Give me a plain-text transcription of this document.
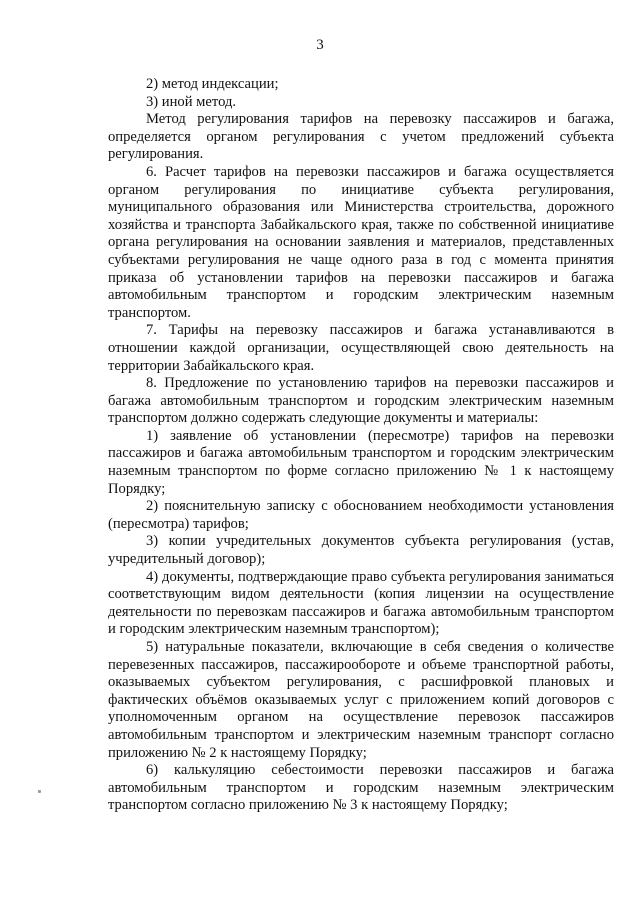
3

2) метод индексации;

3) иной метод.

Метод регулирования тарифов на перевозку пассажиров и багажа, определяется органом регулирования с учетом предложений субъекта регулирования.

6. Расчет тарифов на перевозки пассажиров и багажа осуществляется органом регулирования по инициативе субъекта регулирования, муниципального образования или Министерства строительства, дорожного хозяйства и транспорта Забайкальского края, также по собственной инициативе органа регулирования на основании заявления и материалов, представленных субъектами регулирования не чаще одного раза в год с момента принятия приказа об установлении тарифов на перевозки пассажиров и багажа автомобильным транспортом и городским электрическим наземным транспортом.

7. Тарифы на перевозку пассажиров и багажа устанавливаются в отношении каждой организации, осуществляющей свою деятельность на территории Забайкальского края.

8. Предложение по установлению тарифов на перевозки пассажиров и багажа автомобильным транспортом и городским электрическим наземным транспортом должно содержать следующие документы и материалы:

1) заявление об установлении (пересмотре) тарифов на перевозки пассажиров и багажа автомобильным транспортом и городским электрическим наземным транспортом по форме согласно приложению № 1 к настоящему Порядку;

2) пояснительную записку с обоснованием необходимости установления (пересмотра) тарифов;

3) копии учредительных документов субъекта регулирования (устав, учредительный договор);

4) документы, подтверждающие право субъекта регулирования заниматься соответствующим видом деятельности (копия лицензии на осуществление деятельности по перевозкам пассажиров и багажа автомобильным транспортом и городским электрическим наземным транспортом);

5) натуральные показатели, включающие в себя сведения о количестве перевезенных пассажиров, пассажирообороте и объеме транспортной работы, оказываемых субъектом регулирования, с расшифровкой плановых и фактических объёмов оказываемых услуг с приложением копий договоров с уполномоченным органом на осуществление перевозок пассажиров автомобильным транспортом и электрическим наземным транспорт согласно приложению № 2 к настоящему Порядку;

6) калькуляцию себестоимости перевозки пассажиров и багажа автомобильным транспортом и городским наземным электрическим транспортом согласно приложению № 3 к настоящему Порядку;
